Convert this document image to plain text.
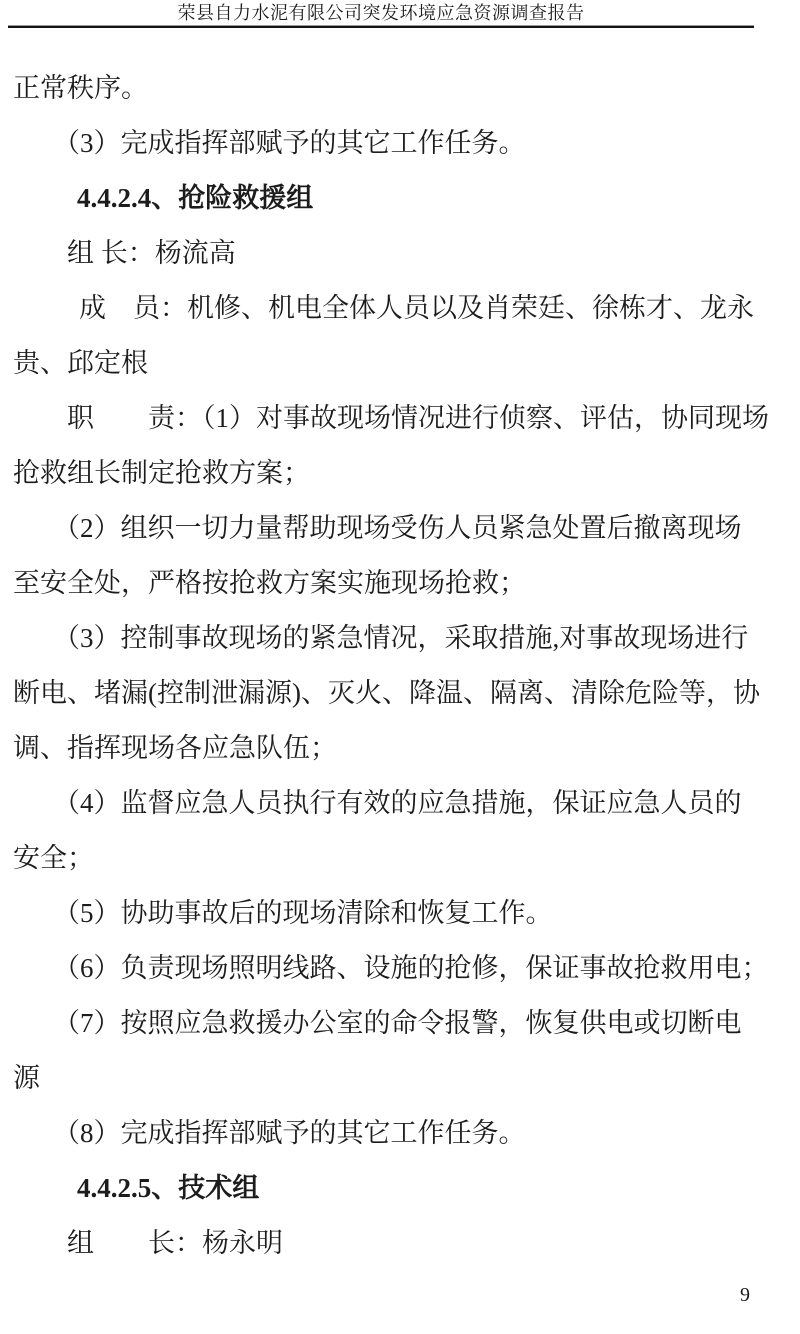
荣县自力水泥有限公司突发环境应急资源调查报告
正常秩序。
（3）完成指挥部赋予的其它工作任务。
4.4.2.4、抢险救援组
组 长：杨流高
成　员：机修、机电全体人员以及肖荣廷、徐栋才、龙永
贵、邱定根
职　　责：（1）对事故现场情况进行侦察、评估，协同现场
抢救组长制定抢救方案；
（2）组织一切力量帮助现场受伤人员紧急处置后撤离现场
至安全处，严格按抢救方案实施现场抢救；
（3）控制事故现场的紧急情况，采取措施,对事故现场进行
断电、堵漏(控制泄漏源)、灭火、降温、隔离、清除危险等，协
调、指挥现场各应急队伍；
（4）监督应急人员执行有效的应急措施，保证应急人员的
安全；
（5）协助事故后的现场清除和恢复工作。
（6）负责现场照明线路、设施的抢修，保证事故抢救用电；
（7）按照应急救援办公室的命令报警，恢复供电或切断电
源
（8）完成指挥部赋予的其它工作任务。
4.4.2.5、技术组
组　　长：杨永明
9
